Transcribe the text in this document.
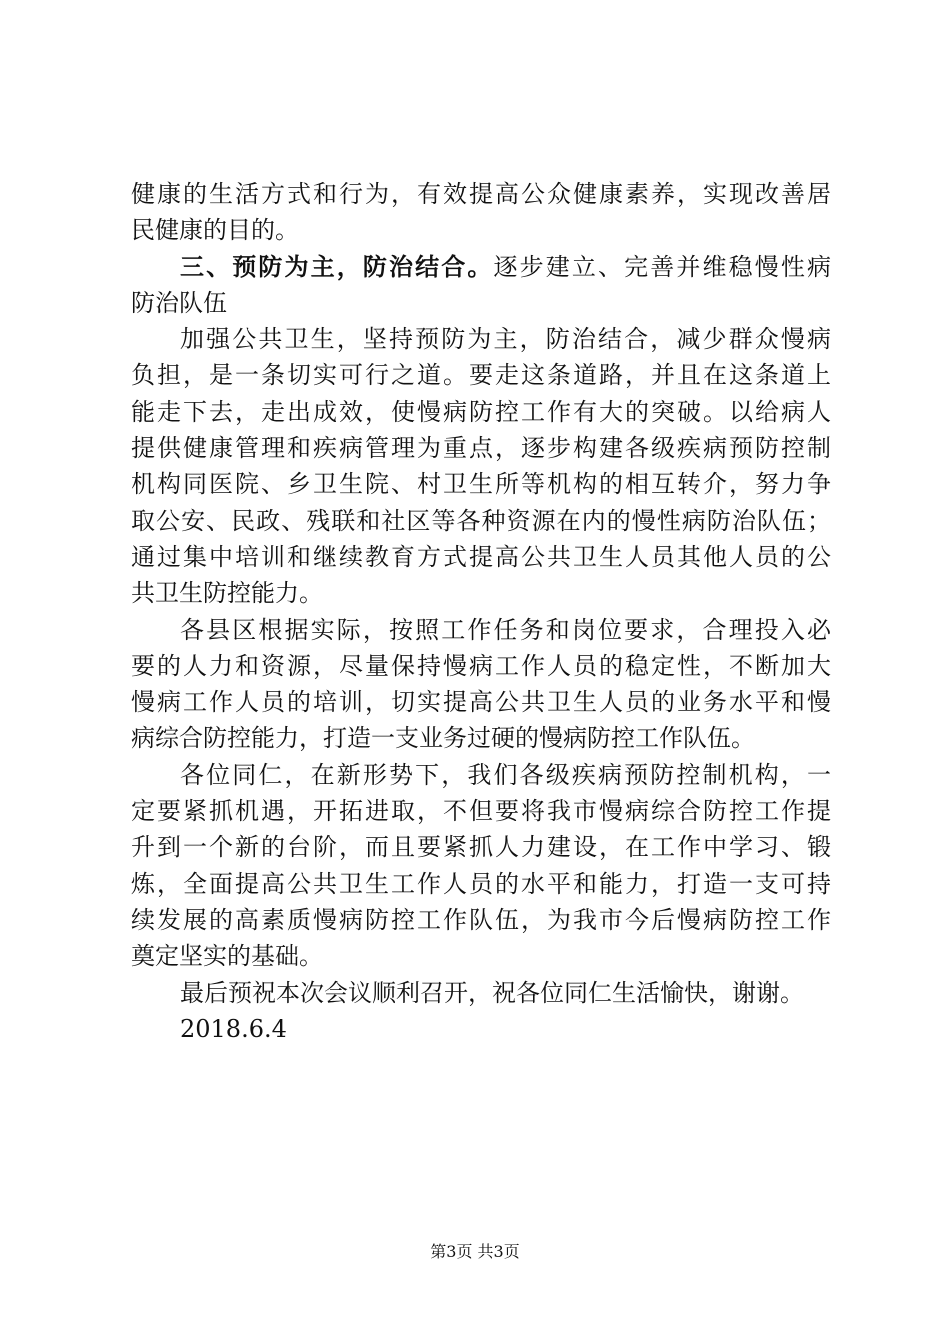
健康的生活方式和行为，有效提高公众健康素养，实现改善居
民健康的目的。
三、预防为主，防治结合。逐步建立、完善并维稳慢性病
防治队伍
加强公共卫生，坚持预防为主，防治结合，减少群众慢病
负担，是一条切实可行之道。要走这条道路，并且在这条道上
能走下去，走出成效，使慢病防控工作有大的突破。以给病人
提供健康管理和疾病管理为重点，逐步构建各级疾病预防控制
机构同医院、乡卫生院、村卫生所等机构的相互转介，努力争
取公安、民政、残联和社区等各种资源在内的慢性病防治队伍；
通过集中培训和继续教育方式提高公共卫生人员其他人员的公
共卫生防控能力。
各县区根据实际，按照工作任务和岗位要求，合理投入必
要的人力和资源，尽量保持慢病工作人员的稳定性，不断加大
慢病工作人员的培训，切实提高公共卫生人员的业务水平和慢
病综合防控能力，打造一支业务过硬的慢病防控工作队伍。
各位同仁，在新形势下，我们各级疾病预防控制机构，一
定要紧抓机遇，开拓进取，不但要将我市慢病综合防控工作提
升到一个新的台阶，而且要紧抓人力建设，在工作中学习、锻
炼，全面提高公共卫生工作人员的水平和能力，打造一支可持
续发展的高素质慢病防控工作队伍，为我市今后慢病防控工作
奠定坚实的基础。
最后预祝本次会议顺利召开，祝各位同仁生活愉快，谢谢。
2018.6.4
第3页 共3页
